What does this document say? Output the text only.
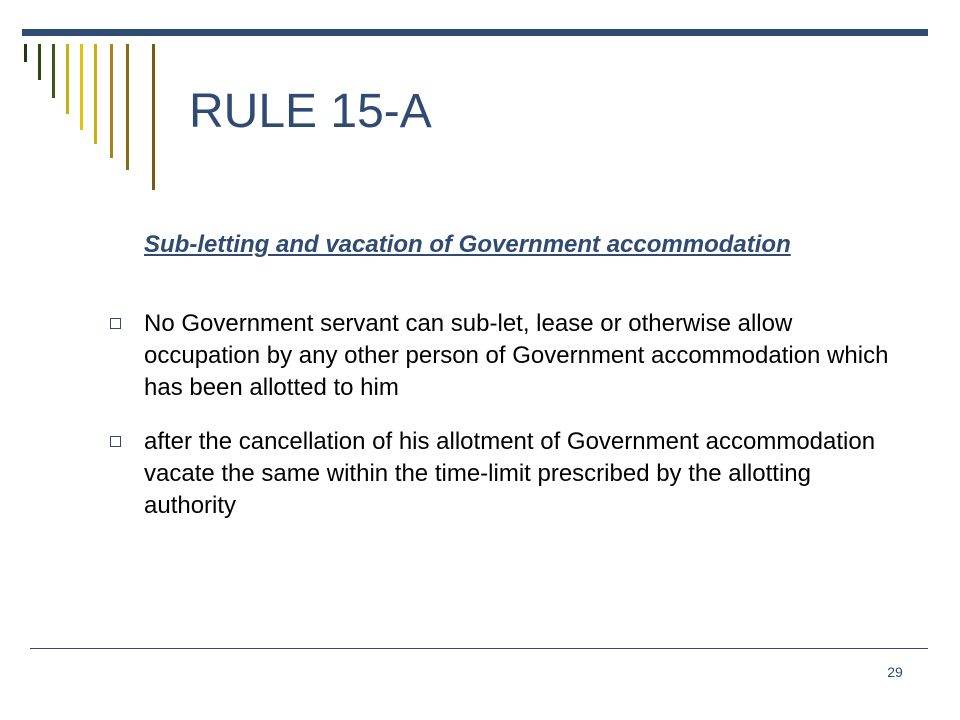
RULE 15-A

Sub-letting and vacation of Government accommodation

No Government servant can sub-let, lease or otherwise allow occupation by any other person of Government accommodation which has been allotted to him
after the cancellation of his allotment of Government accommodation vacate the same within the time-limit prescribed by the allotting authority
29
